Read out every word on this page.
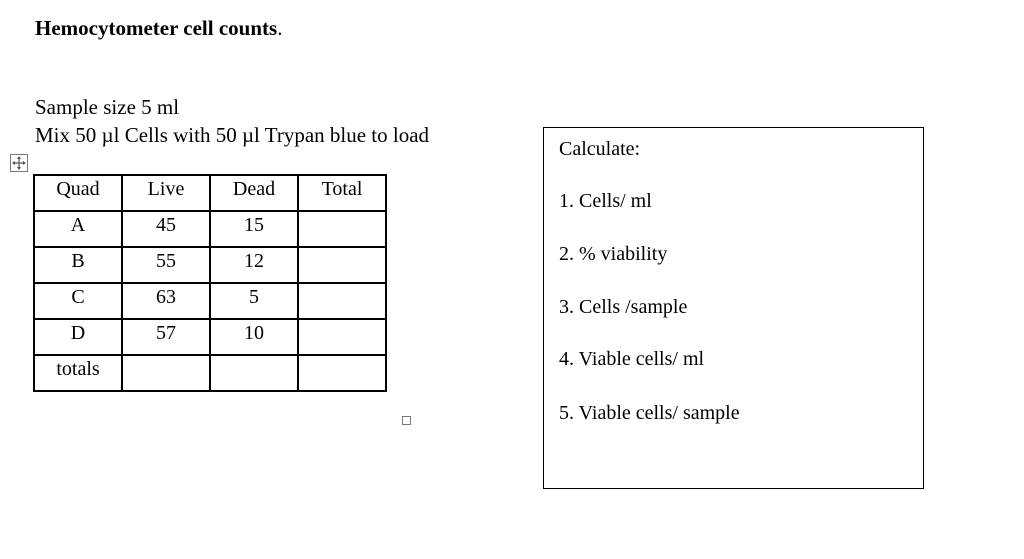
Hemocytometer cell counts.
Sample size 5 ml
Mix 50 µl Cells with 50 µl Trypan blue to load
Quad	Live	Dead	Total
A	45	15	
B	55	12	
C	63	5	
D	57	10	
totals			
Calculate:
1. Cells/ ml
2. % viability
3. Cells /sample
4. Viable cells/ ml
5. Viable cells/ sample
